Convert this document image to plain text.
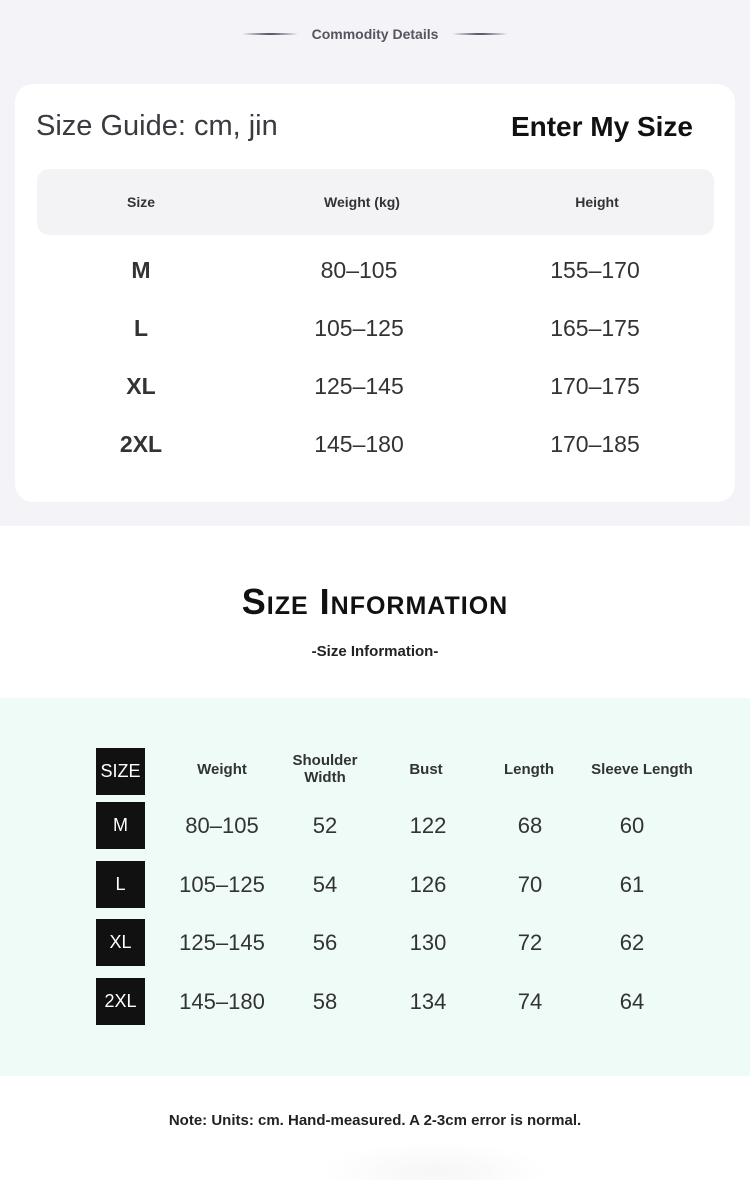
Commodity Details
Size Guide: cm, jin	Enter My Size
Size	Weight (kg)	Height
M	80–105	155–170
L	105–125	165–175
XL	125–145	170–175
2XL	145–180	170–185
Size Information
-Size Information-
SIZE	Weight	Shoulder Width	Bust	Length	Sleeve Length
M	80–105	52	122	68	60
L	105–125	54	126	70	61
XL	125–145	56	130	72	62
2XL	145–180	58	134	74	64
Note: Units: cm. Hand-measured. A 2-3cm error is normal.
